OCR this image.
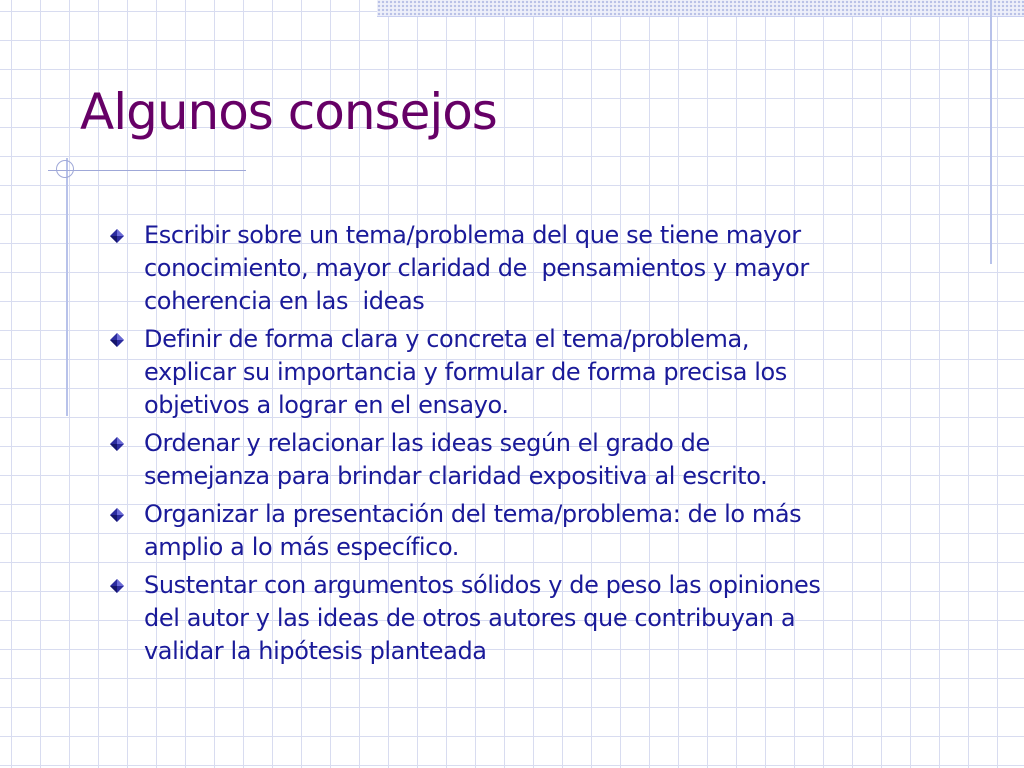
Algunos consejos
Escribir sobre un tema/problema del que se tiene mayor
conocimiento, mayor claridad de  pensamientos y mayor
coherencia en las  ideas
Definir de forma clara y concreta el tema/problema,
explicar su importancia y formular de forma precisa los
objetivos a lograr en el ensayo.
Ordenar y relacionar las ideas según el grado de
semejanza para brindar claridad expositiva al escrito.
Organizar la presentación del tema/problema: de lo más
amplio a lo más específico.
Sustentar con argumentos sólidos y de peso las opiniones
del autor y las ideas de otros autores que contribuyan a
validar la hipótesis planteada
